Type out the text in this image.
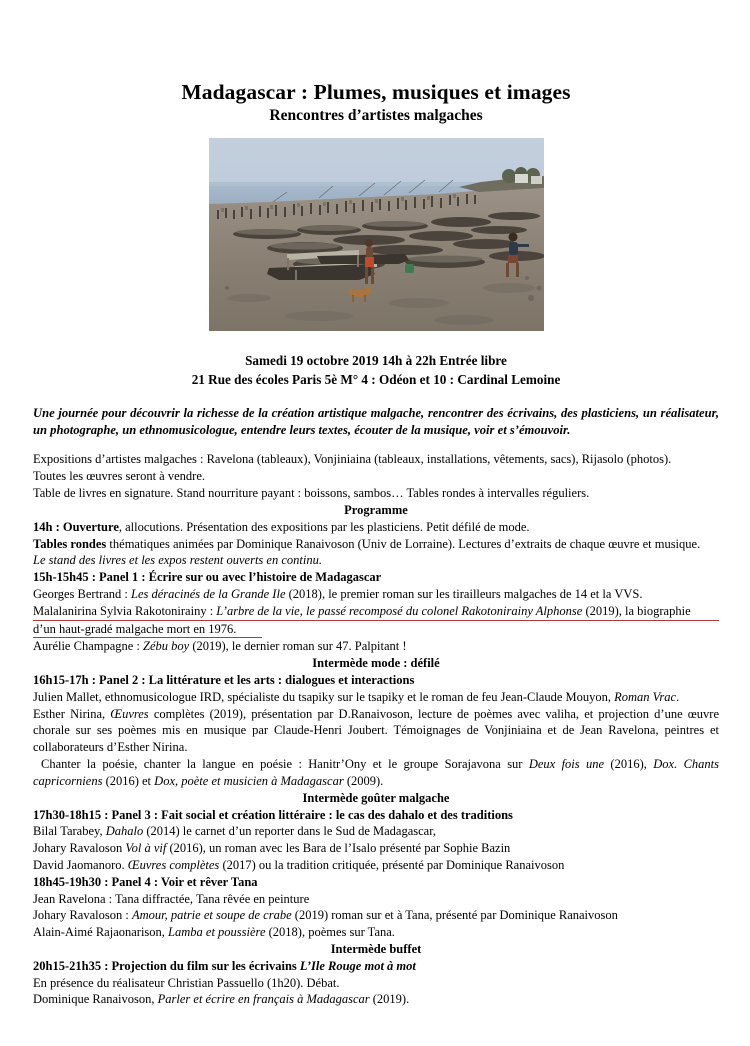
Madagascar : Plumes, musiques et images
Rencontres d’artistes malgaches
Samedi 19 octobre 2019 14h à 22h Entrée libre
21 Rue des écoles Paris 5è M° 4 : Odéon et 10 : Cardinal Lemoine

Une journée pour découvrir la richesse de la création artistique malgache, rencontrer des écrivains, des plasticiens, un réalisateur, un photographe, un ethnomusicologue, entendre leurs textes, écouter de la musique, voir et s’émouvoir.

Expositions d’artistes malgaches : Ravelona (tableaux), Vonjiniaina (tableaux, installations, vêtements, sacs), Rijasolo (photos).
Toutes les œuvres seront à vendre.
Table de livres en signature. Stand nourriture payant : boissons, sambos… Tables rondes à intervalles réguliers.
Programme
14h : Ouverture, allocutions. Présentation des expositions par les plasticiens. Petit défilé de mode.
Tables rondes thématiques animées par Dominique Ranaivoson (Univ de Lorraine). Lectures d’extraits de chaque œuvre et musique.
Le stand des livres et les expos restent ouverts en continu.
15h-15h45 : Panel 1 : Écrire sur ou avec l’histoire de Madagascar
Georges Bertrand : Les déracinés de la Grande Ile (2018), le premier roman sur les tirailleurs malgaches de 14 et la VVS.
Malalanirina Sylvia Rakotonirainy : L’arbre de la vie, le passé recomposé du colonel Rakotonirainy Alphonse (2019), la biographie
d’un haut-gradé malgache mort en 1976.
Aurélie Champagne : Zébu boy (2019), le dernier roman sur 47. Palpitant !
Intermède mode : défilé
16h15-17h : Panel 2 : La littérature et les arts : dialogues et interactions
Julien Mallet, ethnomusicologue IRD, spécialiste du tsapiky sur le tsapiky et le roman de feu Jean-Claude Mouyon, Roman Vrac.
Esther Nirina, Œuvres complètes (2019), présentation par D.Ranaivoson, lecture de poèmes avec valiha, et projection d’une œuvre chorale sur ses poèmes mis en musique par Claude-Henri Joubert. Témoignages de Vonjiniaina et de Jean Ravelona, peintres et collaborateurs d’Esther Nirina.
Chanter la poésie, chanter la langue en poésie : Hanitr’Ony et le groupe Sorajavona sur Deux fois une (2016), Dox. Chants capricorniens (2016) et Dox, poète et musicien à Madagascar (2009).
Intermède goûter malgache
17h30-18h15 : Panel 3 : Fait social et création littéraire : le cas des dahalo et des traditions
Bilal Tarabey, Dahalo (2014) le carnet d’un reporter dans le Sud de Madagascar,
Johary Ravaloson Vol à vif (2016), un roman avec les Bara de l’Isalo présenté par Sophie Bazin
David Jaomanoro. Œuvres complètes (2017) ou la tradition critiquée, présenté par Dominique Ranaivoson
18h45-19h30 : Panel 4 : Voir et rêver Tana
Jean Ravelona : Tana diffractée, Tana rêvée en peinture
Johary Ravaloson : Amour, patrie et soupe de crabe (2019) roman sur et à Tana, présenté par Dominique Ranaivoson
Alain-Aimé Rajaonarison, Lamba et poussière (2018), poèmes sur Tana.
Intermède buffet
20h15-21h35 : Projection du film sur les écrivains L’Ile Rouge mot à mot
En présence du réalisateur Christian Passuello (1h20). Débat.
Dominique Ranaivoson, Parler et écrire en français à Madagascar (2019).
